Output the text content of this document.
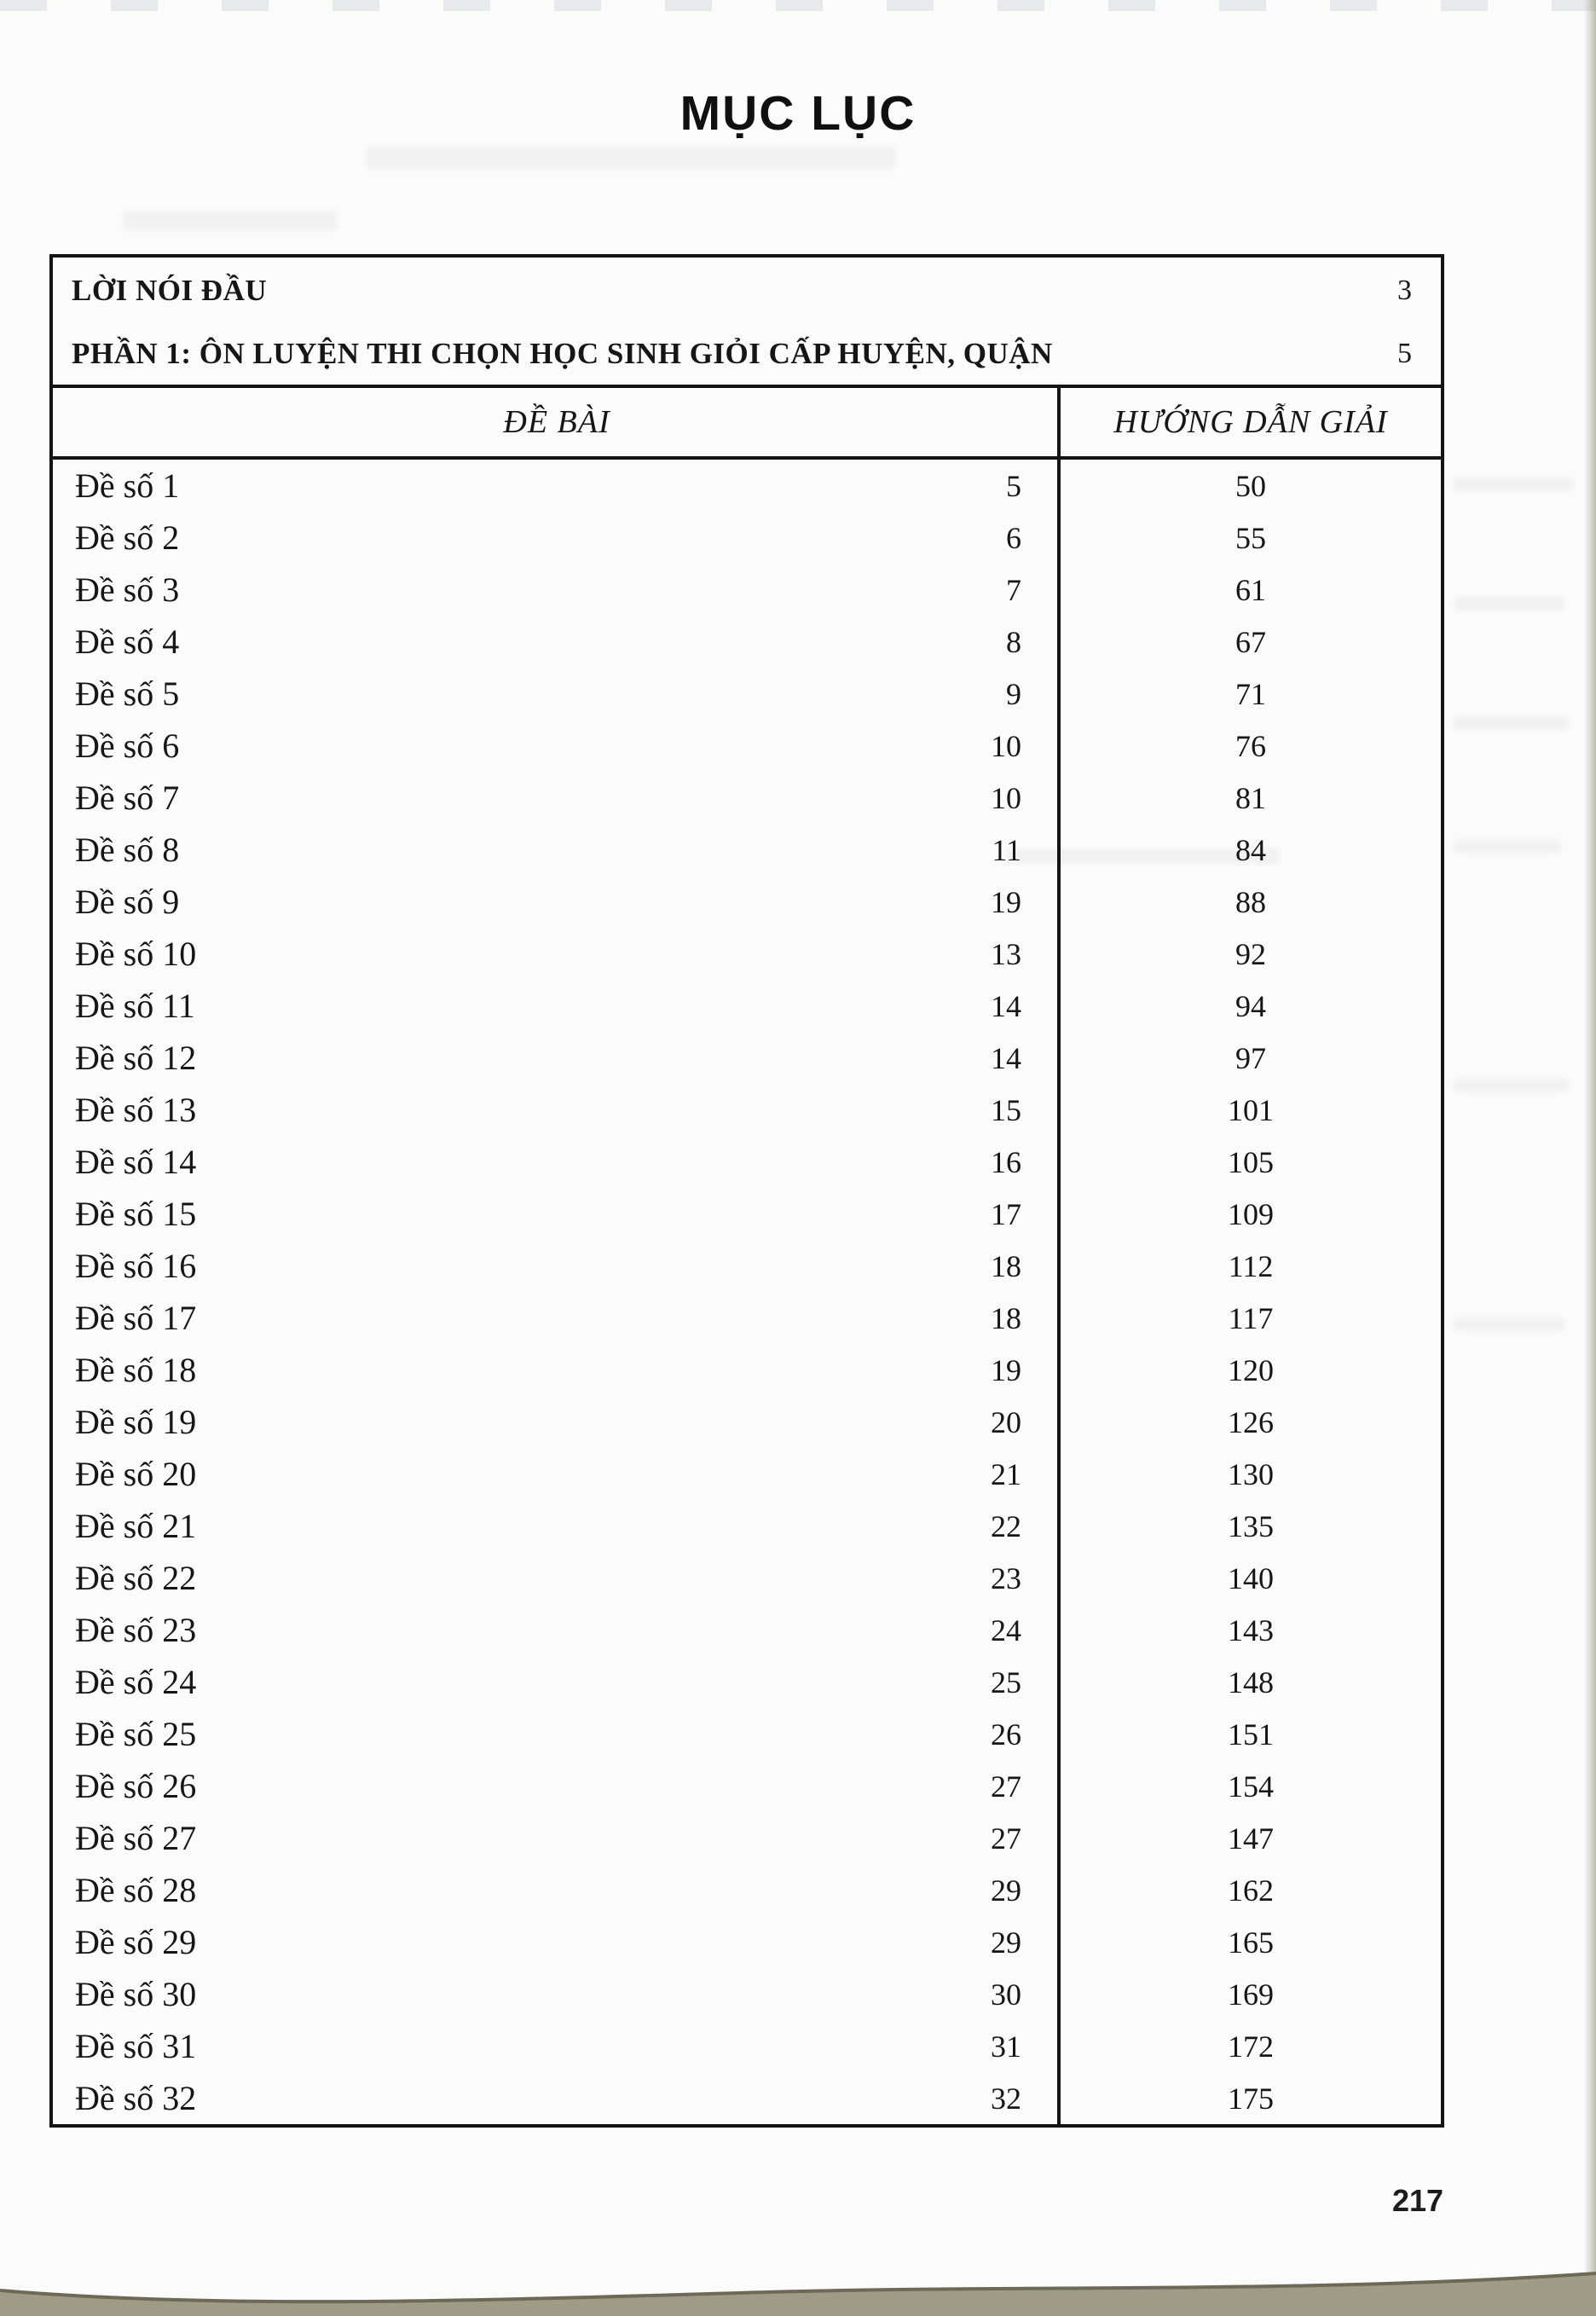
MỤC LỤC
LỜI NÓI ĐẦU	3
PHẦN 1: ÔN LUYỆN THI CHỌN HỌC SINH GIỎI CẤP HUYỆN, QUẬN	5
ĐỀ BÀI	HƯỚNG DẪN GIẢI
Đề số 1	5	50
Đề số 2	6	55
Đề số 3	7	61
Đề số 4	8	67
Đề số 5	9	71
Đề số 6	10	76
Đề số 7	10	81
Đề số 8	11	84
Đề số 9	19	88
Đề số 10	13	92
Đề số 11	14	94
Đề số 12	14	97
Đề số 13	15	101
Đề số 14	16	105
Đề số 15	17	109
Đề số 16	18	112
Đề số 17	18	117
Đề số 18	19	120
Đề số 19	20	126
Đề số 20	21	130
Đề số 21	22	135
Đề số 22	23	140
Đề số 23	24	143
Đề số 24	25	148
Đề số 25	26	151
Đề số 26	27	154
Đề số 27	27	147
Đề số 28	29	162
Đề số 29	29	165
Đề số 30	30	169
Đề số 31	31	172
Đề số 32	32	175
217
